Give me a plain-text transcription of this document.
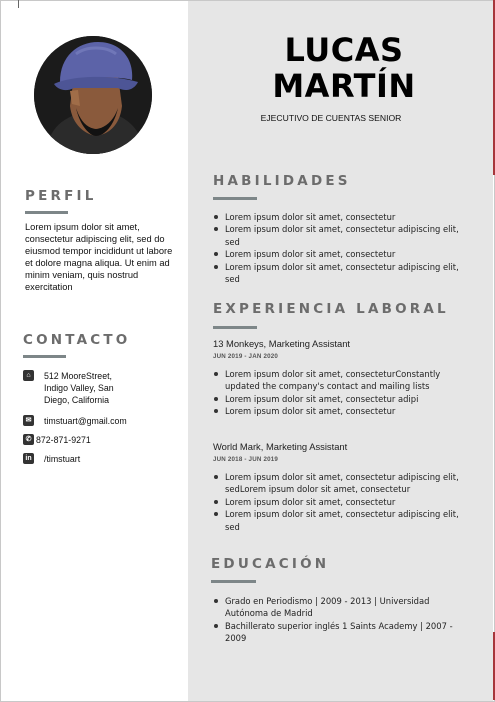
PERFIL

Lorem ipsum dolor sit amet, consectetur adipiscing elit, sed do eiusmod tempor incididunt ut labore et dolore magna aliqua. Ut enim ad minim veniam, quis nostrud exercitation

CONTACTO
⌂	512 MooreStreet,
Indigo Valley, San
Diego, California
✉ timstuart@gmail.com
✆ 872-871-9271
in /timstuart
LUCAS
MARTÍN

EJECUTIVO DE CUENTAS SENIOR

HABILIDADES
Lorem ipsum dolor sit amet, consectetur
Lorem ipsum dolor sit amet, consectetur adipiscing elit, sed
Lorem ipsum dolor sit amet, consectetur
Lorem ipsum dolor sit amet, consectetur adipiscing elit, sed
EXPERIENCIA LABORAL

13 Monkeys, Marketing Assistant

JUN 2019 - JAN 2020
Lorem ipsum dolor sit amet, consecteturConstantly updated the company's contact and mailing lists
Lorem ipsum dolor sit amet, consectetur adipi
Lorem ipsum dolor sit amet, consectetur

World Mark, Marketing Assistant

JUN 2018 - JUN 2019
Lorem ipsum dolor sit amet, consectetur adipiscing elit, sedLorem ipsum dolor sit amet, consectetur
Lorem ipsum dolor sit amet, consectetur
Lorem ipsum dolor sit amet, consectetur adipiscing elit, sed
EDUCACIÓN
Grado en Periodismo | 2009 - 2013 | Universidad Autónoma de Madrid
Bachillerato superior inglés 1 Saints Academy | 2007 - 2009
